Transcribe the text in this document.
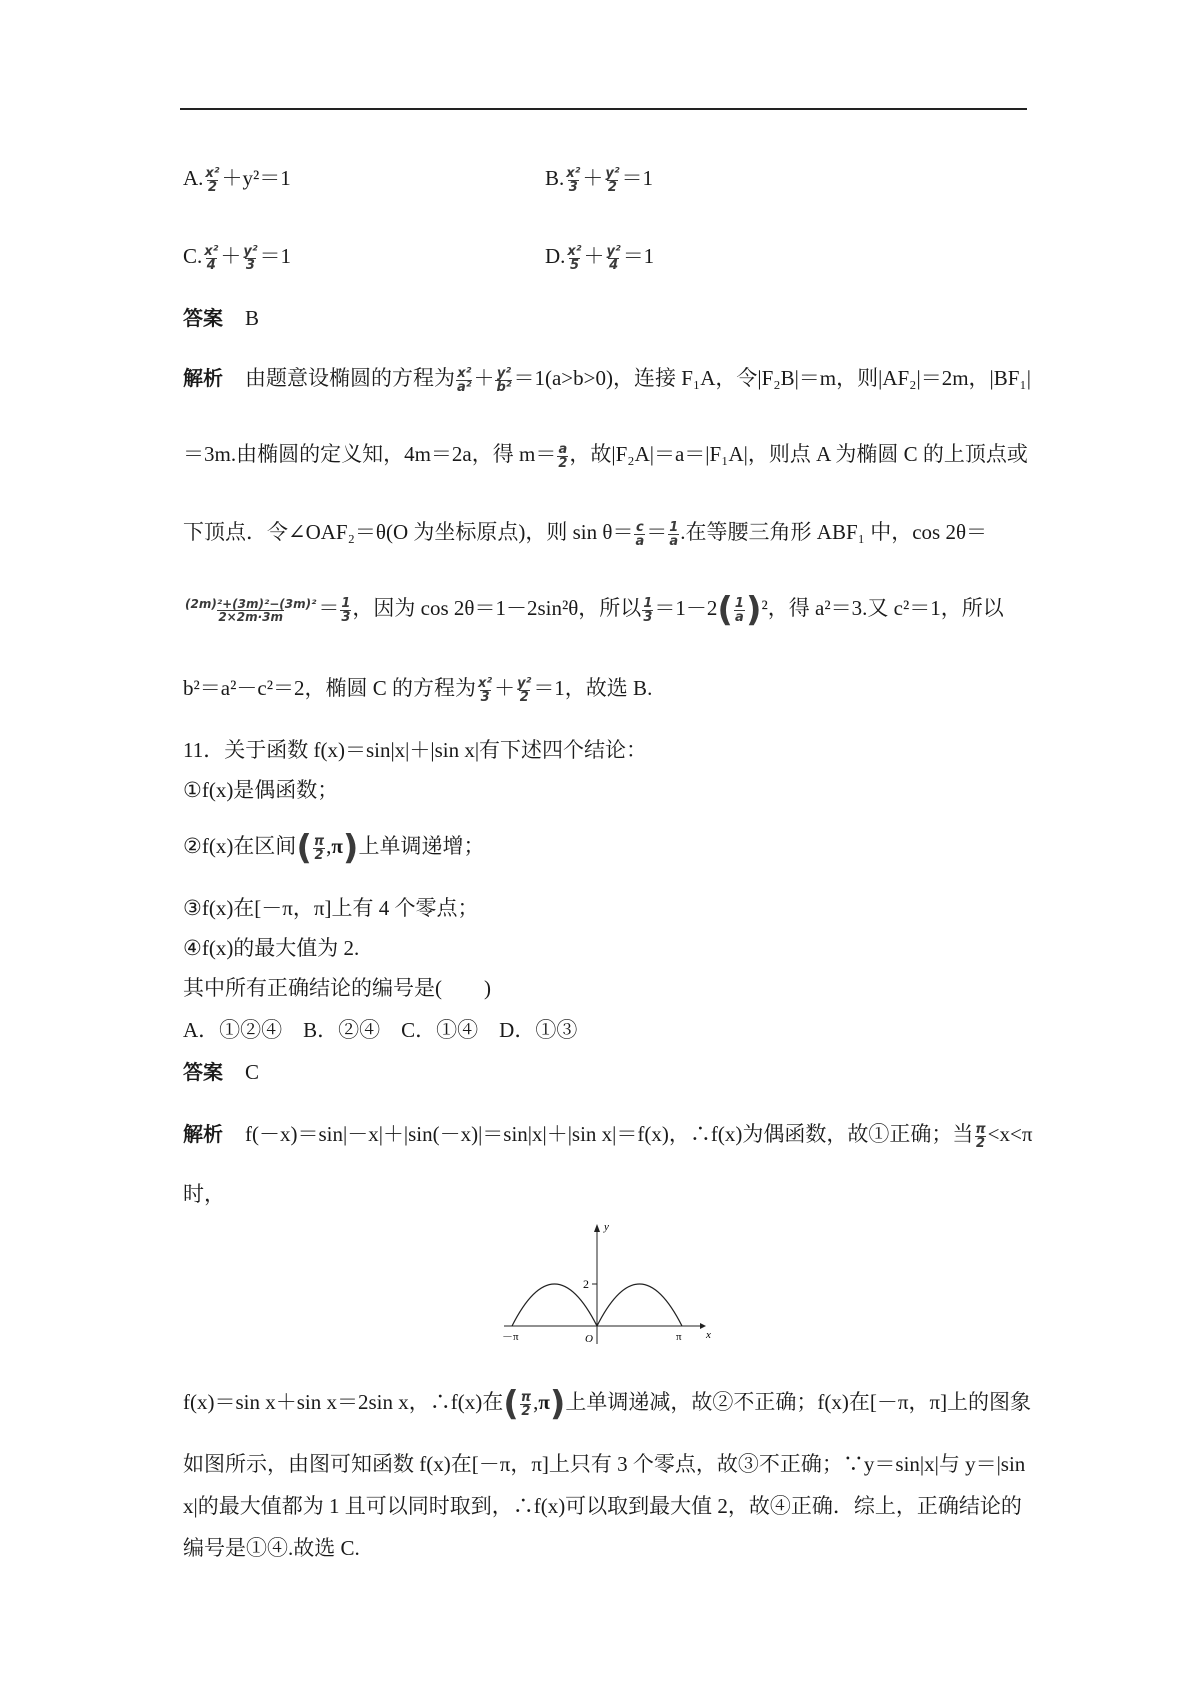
A. $\frac{\text{x²}}{2} +y^2=1$	B. $\frac{\text{x²}}{3} + \frac{\text{y²}}{2} =1$
C. $\frac{\text{x²}}{4} + \frac{\text{y²}}{3} =1$	D. $\frac{\text{x²}}{5} + \frac{\text{y²}}{4} =1$
答案 B
解析 由题意设椭圆的方程为 $\frac{\text{x²}}{\text{a²}} + \frac{\text{y²}}{\text{b²}} =1(a>b>0)$，连接 F₁A，令|F₂B|＝m，则|AF₂|＝2m，|BF₁|
＝3m.由椭圆的定义知，4m＝2a，得 $m= \frac{a}{2}$ ，故|F₂A|＝a＝|F₁A|，则点 A 为椭圆 C 的上顶点或
下顶点．令∠OAF₂＝θ(O 为坐标原点)，则 $\sin \theta= \frac{c}{a} = \frac{1}{a}$ .在等腰三角形 ABF₁ 中，cos 2θ＝
$\frac{\text{(2m)²+(3m)²−(3m)²}}{2\times 2m\cdot 3m} = \frac{1}{3}$ ，因为 cos 2θ＝1－2sin²θ，所以 $\frac{1}{3} =1-2( \frac{1}{a} )^2$，得 a²＝3.又 c²＝1，所以
b²＝a²－c²＝2，椭圆 C 的方程为 $\frac{\text{x²}}{3} + \frac{\text{y²}}{2} =1$，故选 B.
11．关于函数 f(x)＝sin|x|＋|sin x|有下述四个结论：
①f(x)是偶函数；
②f(x)在区间( $\frac{\pi}{2} ,\pi$)上单调递增；
③f(x)在[－π，π]上有 4 个零点；
④f(x)的最大值为 2.
其中所有正确结论的编号是(　　)
A．①②④　B．②④　C．①④　D．①③
答案 C
解析 f(－x)＝sin|－x|＋|sin(－x)|＝sin|x|＋|sin x|＝f(x)，∴f(x)为偶函数，故①正确；当 $\frac{\pi}{2} <x<\pi$
时，
y
x
2
－π	π
O
f(x)＝sin x＋sin x＝2sin x，∴f(x)在( $\frac{\pi}{2} ,\pi$)上单调递减，故②不正确；f(x)在[－π，π]上的图象
如图所示，由图可知函数 f(x)在[－π，π]上只有 3 个零点，故③不正确；∵y＝sin|x|与 y＝|sin
x|的最大值都为 1 且可以同时取到，∴f(x)可以取到最大值 2，故④正确．综上，正确结论的
编号是①④.故选 C.
